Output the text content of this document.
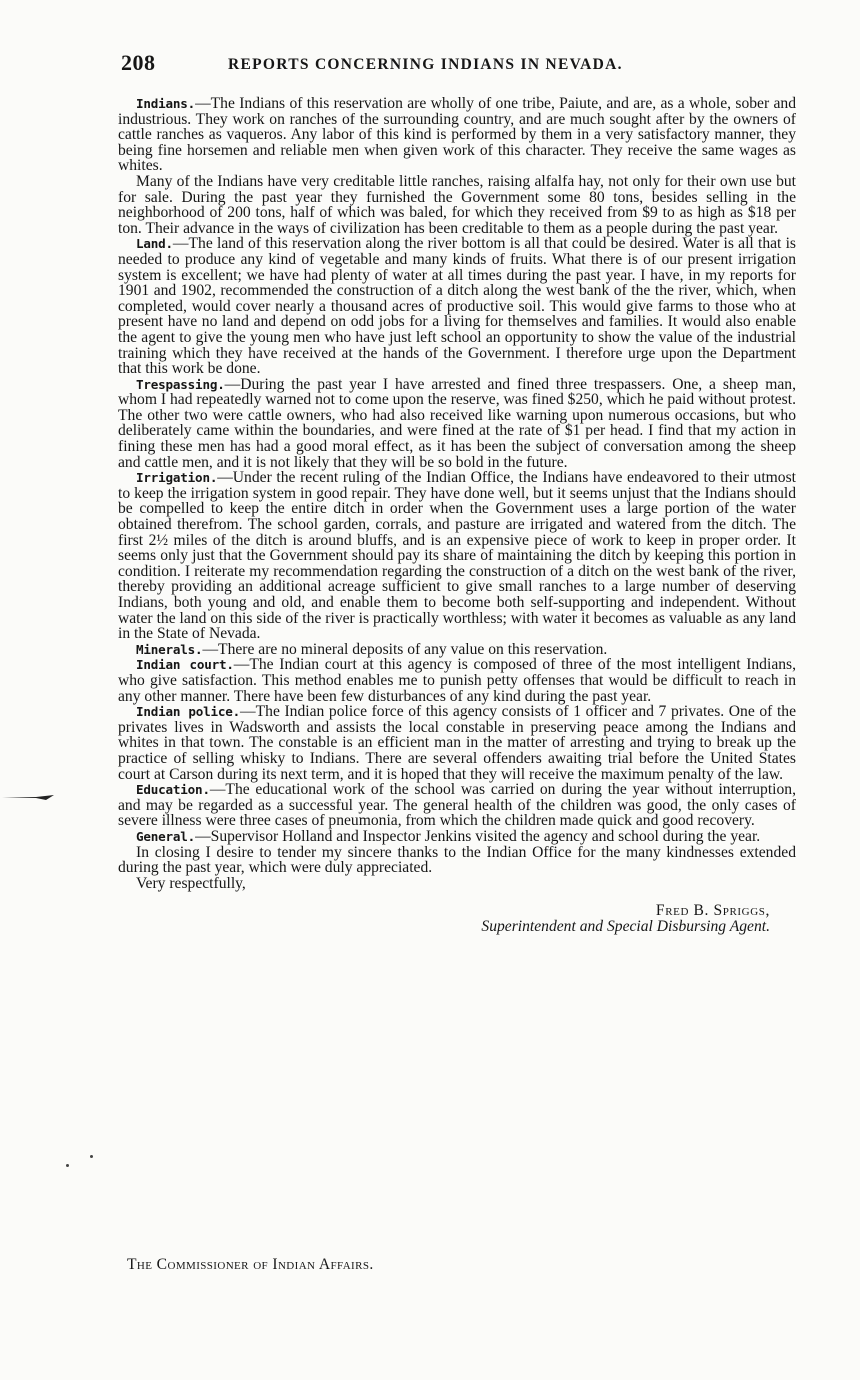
208	REPORTS CONCERNING INDIANS IN NEVADA.

Indians.—The Indians of this reservation are wholly of one tribe, Paiute, and are, as a whole, sober and industrious. They work on ranches of the surrounding country, and are much sought after by the owners of cattle ranches as vaqueros. Any labor of this kind is performed by them in a very satisfactory manner, they being fine horsemen and reliable men when given work of this character. They receive the same wages as whites.

Many of the Indians have very creditable little ranches, raising alfalfa hay, not only for their own use but for sale. During the past year they furnished the Government some 80 tons, besides selling in the neighborhood of 200 tons, half of which was baled, for which they received from $9 to as high as $18 per ton. Their advance in the ways of civilization has been creditable to them as a people during the past year.

Land.—The land of this reservation along the river bottom is all that could be desired. Water is all that is needed to produce any kind of vegetable and many kinds of fruits. What there is of our present irrigation system is excellent; we have had plenty of water at all times during the past year. I have, in my reports for 1901 and 1902, recommended the construction of a ditch along the west bank of the the river, which, when completed, would cover nearly a thousand acres of productive soil. This would give farms to those who at present have no land and depend on odd jobs for a living for themselves and families. It would also enable the agent to give the young men who have just left school an opportunity to show the value of the industrial training which they have received at the hands of the Government. I therefore urge upon the Department that this work be done.

Trespassing.—During the past year I have arrested and fined three trespassers. One, a sheep man, whom I had repeatedly warned not to come upon the reserve, was fined $250, which he paid without protest. The other two were cattle owners, who had also received like warning upon numerous occasions, but who deliberately came within the boundaries, and were fined at the rate of $1 per head. I find that my action in fining these men has had a good moral effect, as it has been the subject of conversation among the sheep and cattle men, and it is not likely that they will be so bold in the future.

Irrigation.—Under the recent ruling of the Indian Office, the Indians have endeavored to their utmost to keep the irrigation system in good repair. They have done well, but it seems unjust that the Indians should be compelled to keep the entire ditch in order when the Government uses a large portion of the water obtained therefrom. The school garden, corrals, and pasture are irrigated and watered from the ditch. The first 2½ miles of the ditch is around bluffs, and is an expensive piece of work to keep in proper order. It seems only just that the Government should pay its share of maintaining the ditch by keeping this portion in condition. I reiterate my recommendation regarding the construction of a ditch on the west bank of the river, thereby providing an additional acreage sufficient to give small ranches to a large number of deserving Indians, both young and old, and enable them to become both self-supporting and independent. Without water the land on this side of the river is practically worthless; with water it becomes as valuable as any land in the State of Nevada.

Minerals.—There are no mineral deposits of any value on this reservation.

Indian court.—The Indian court at this agency is composed of three of the most intelligent Indians, who give satisfaction. This method enables me to punish petty offenses that would be difficult to reach in any other manner. There have been few disturbances of any kind during the past year.

Indian police.—The Indian police force of this agency consists of 1 officer and 7 privates. One of the privates lives in Wadsworth and assists the local constable in preserving peace among the Indians and whites in that town. The constable is an efficient man in the matter of arresting and trying to break up the practice of selling whisky to Indians. There are several offenders awaiting trial before the United States court at Carson during its next term, and it is hoped that they will receive the maximum penalty of the law.

Education.—The educational work of the school was carried on during the year without interruption, and may be regarded as a successful year. The general health of the children was good, the only cases of severe illness were three cases of pneumonia, from which the children made quick and good recovery.

General.—Supervisor Holland and Inspector Jenkins visited the agency and school during the year.

In closing I desire to tender my sincere thanks to the Indian Office for the many kindnesses extended during the past year, which were duly appreciated.

Very respectfully,

Fred B. Spriggs,
Superintendent and Special Disbursing Agent.
The Commissioner of Indian Affairs.
